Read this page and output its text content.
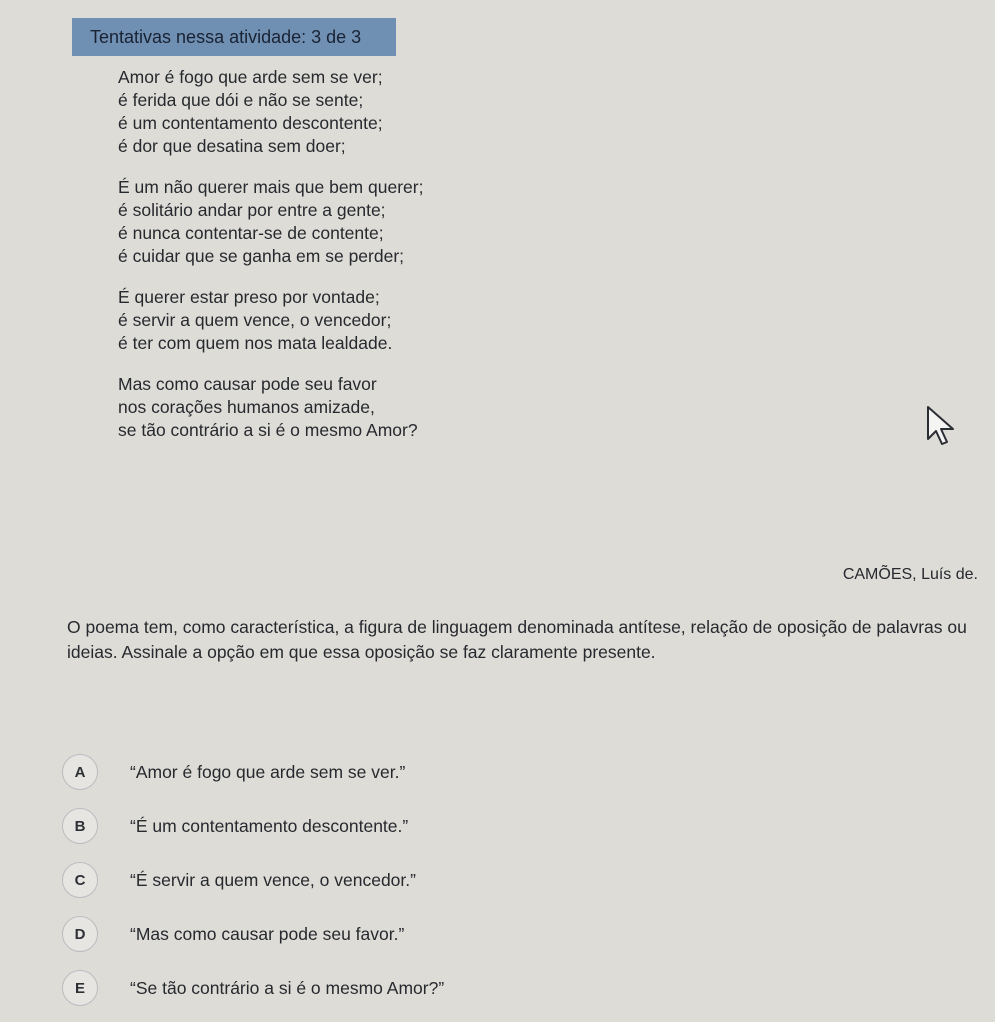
Tentativas nessa atividade: 3 de 3
Amor é fogo que arde sem se ver;
é ferida que dói e não se sente;
é um contentamento descontente;
é dor que desatina sem doer;
É um não querer mais que bem querer;
é solitário andar por entre a gente;
é nunca contentar-se de contente;
é cuidar que se ganha em se perder;
É querer estar preso por vontade;
é servir a quem vence, o vencedor;
é ter com quem nos mata lealdade.
Mas como causar pode seu favor
nos corações humanos amizade,
se tão contrário a si é o mesmo Amor?
CAMÕES, Luís de.
O poema tem, como característica, a figura de linguagem denominada antítese, relação de oposição de palavras ou ideias. Assinale a opção em que essa oposição se faz claramente presente.
A	“Amor é fogo que arde sem se ver.”
B	“É um contentamento descontente.”
C	“É servir a quem vence, o vencedor.”
D	“Mas como causar pode seu favor.”
E	“Se tão contrário a si é o mesmo Amor?”
